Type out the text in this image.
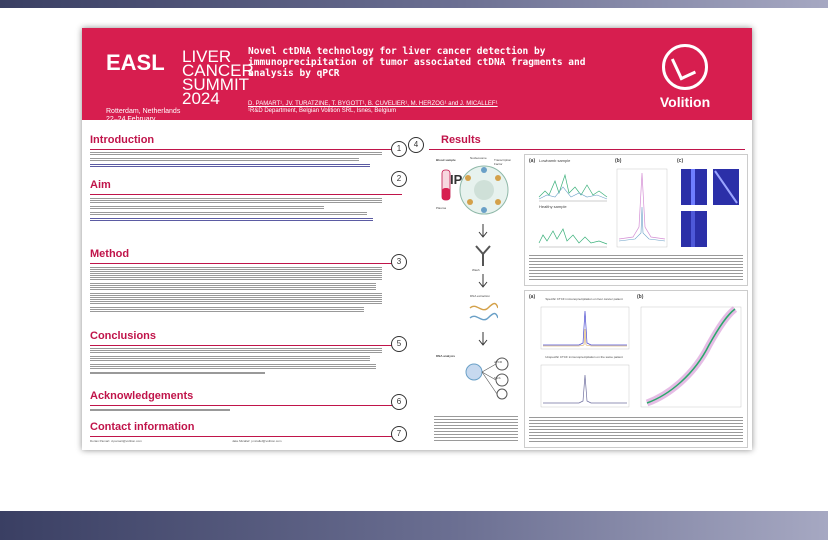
EASL LIVER
CANCER
SUMMIT
2024
Rotterdam, Netherlands
22–24 February
Novel ctDNA technology for liver cancer detection by immunoprecipitation of tumor associated ctDNA fragments and analysis by qPCR
D. PAMART¹, JV. TURATZINE, T. BYGOTT¹, B. CUVELIER¹, M. HERZOG¹ and J. MICALLEF¹
¹R&D Department, Belgian Volition SRL, Isnes, Belgium
Volition
Introduction
1
Aim
2
Method
3
Conclusions
5
Acknowledgements	6
Contact information
7
Dorian Pamart: d.pamart@volition.com	Jake Micallef: j.micallef@volition.com
4	Results
Blood sample
Plasma
IP
Nucleosome Transcription Factor
Wash
DNA extraction
DNA analysis
qPCR
NGS
(a)	(b)	(c)
Lowbamb sample
Healthy sample
(a)	(b)
Specific CTCF immunoprecipitation on liver cancer patient
Unspecific CTCF immunoprecipitation on the same patient
